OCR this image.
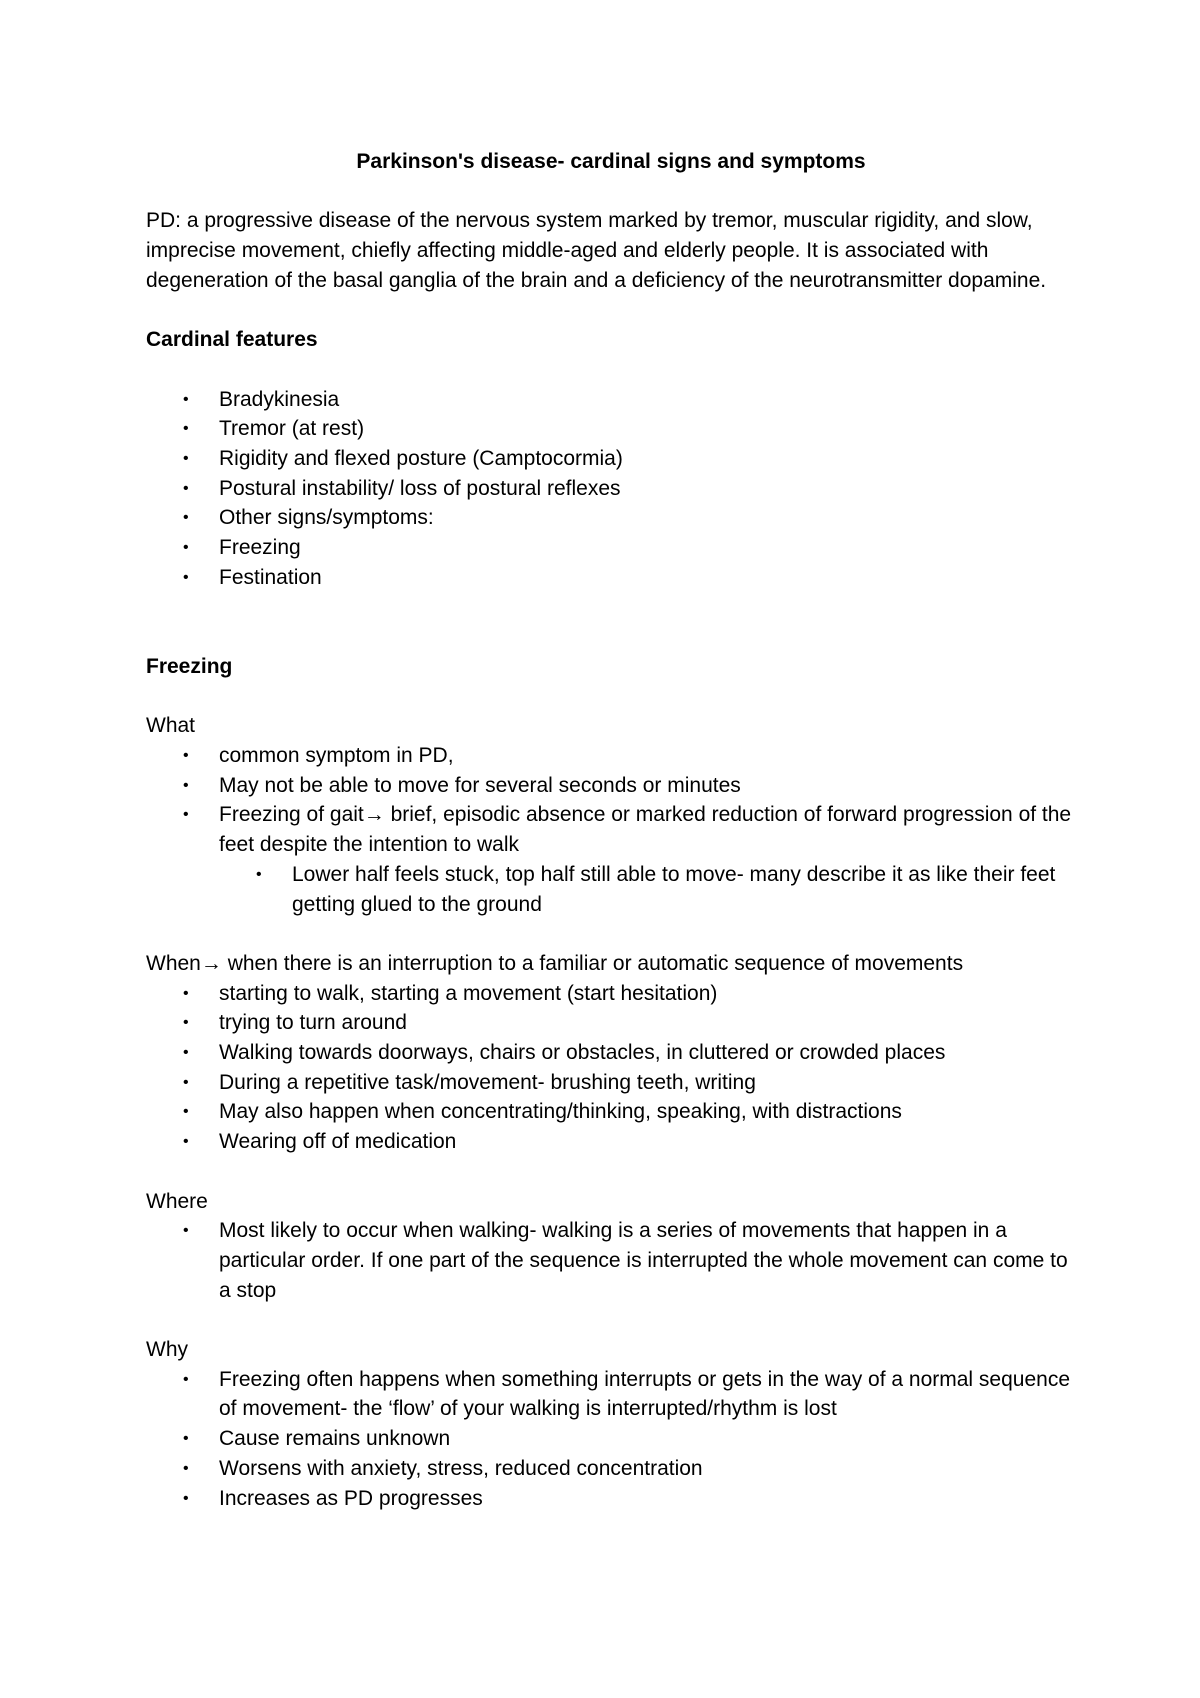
Parkinson's disease- cardinal signs and symptoms
PD: a progressive disease of the nervous system marked by tremor, muscular rigidity, and slow, imprecise movement, chiefly affecting middle-aged and elderly people. It is associated with degeneration of the basal ganglia of the brain and a deficiency of the neurotransmitter dopamine.
Cardinal features
• Bradykinesia
• Tremor (at rest)
• Rigidity and flexed posture (Camptocormia)
• Postural instability/ loss of postural reflexes
• Other signs/symptoms:
• Freezing
• Festination
Freezing
What
• common symptom in PD,
• May not be able to move for several seconds or minutes
• Freezing of gait→ brief, episodic absence or marked reduction of forward progression of the feet despite the intention to walk
• Lower half feels stuck, top half still able to move- many describe it as like their feet getting glued to the ground
When→ when there is an interruption to a familiar or automatic sequence of movements
• starting to walk, starting a movement (start hesitation)
• trying to turn around
• Walking towards doorways, chairs or obstacles, in cluttered or crowded places
• During a repetitive task/movement- brushing teeth, writing
• May also happen when concentrating/thinking, speaking, with distractions
• Wearing off of medication
Where
• Most likely to occur when walking- walking is a series of movements that happen in a particular order. If one part of the sequence is interrupted the whole movement can come to a stop
Why
• Freezing often happens when something interrupts or gets in the way of a normal sequence of movement- the ‘flow’ of your walking is interrupted/rhythm is lost
• Cause remains unknown
• Worsens with anxiety, stress, reduced concentration
• Increases as PD progresses
